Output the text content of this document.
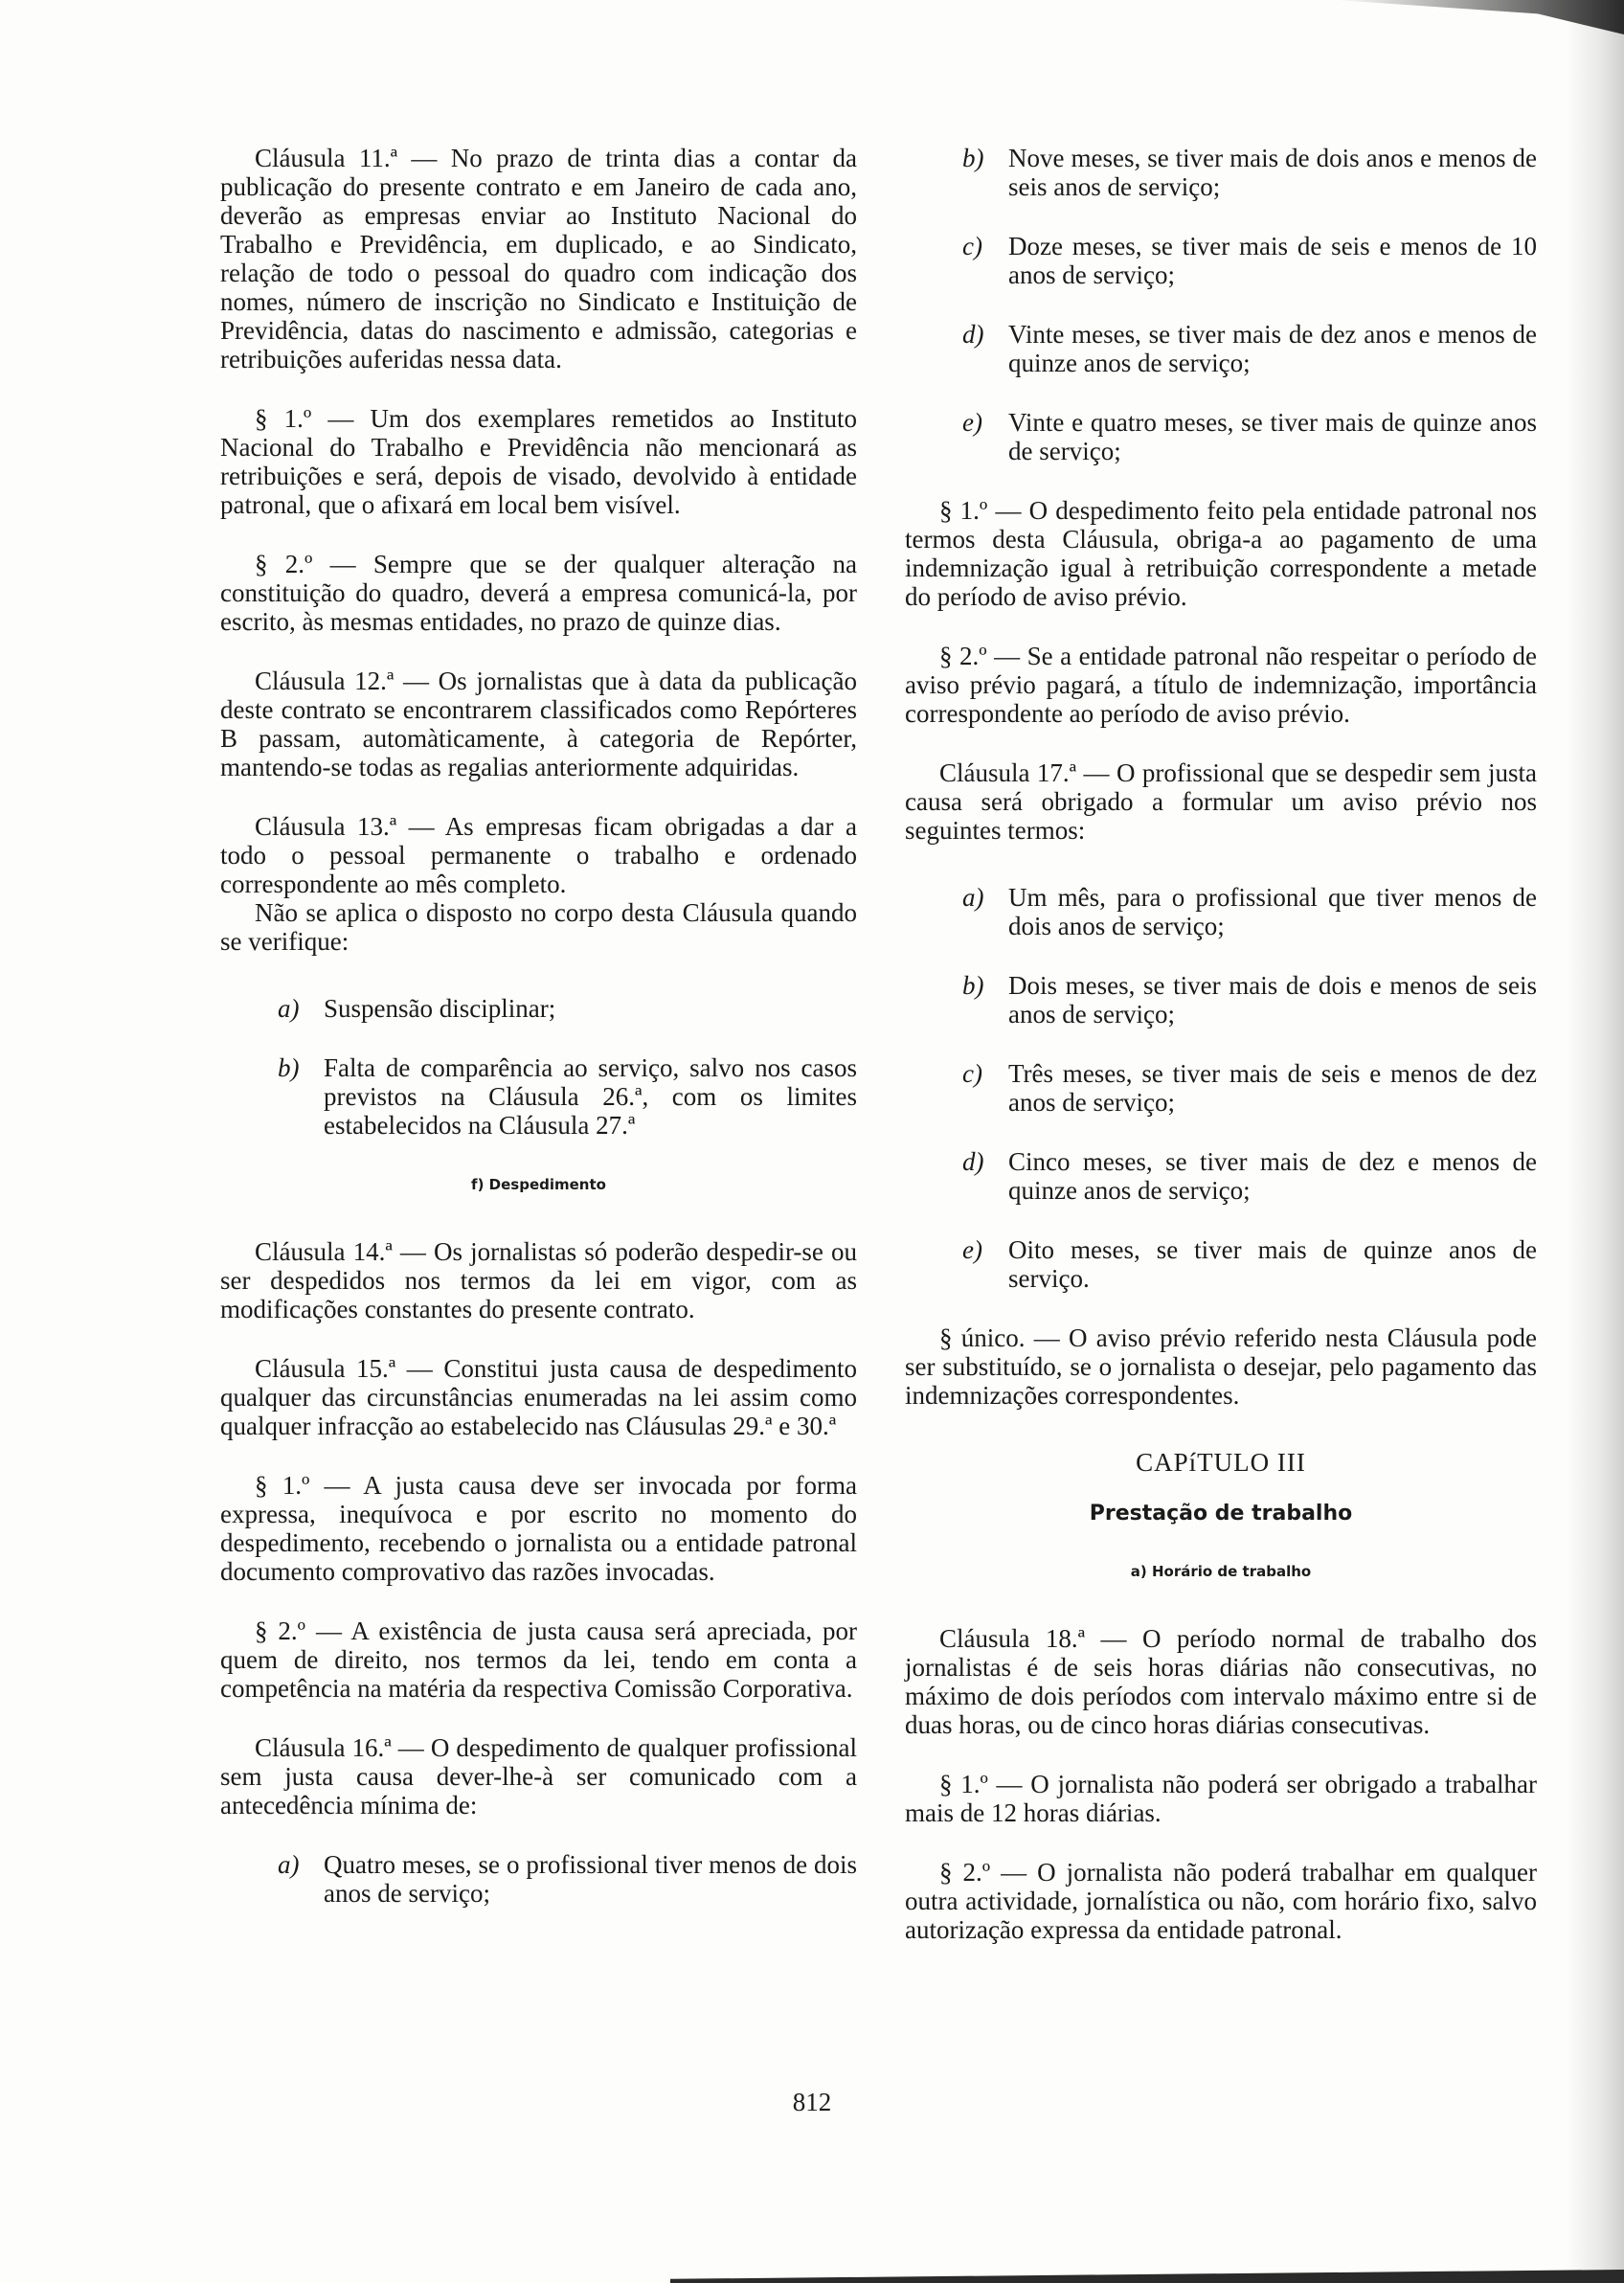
Cláusula 11.ª — No prazo de trinta dias a contar da publicação do presente contrato e em Janeiro de cada ano, deverão as empresas enviar ao Instituto Nacional do Trabalho e Previdência, em duplicado, e ao Sindicato, relação de todo o pessoal do quadro com indicação dos nomes, número de inscrição no Sindicato e Instituição de Previdência, datas do nascimento e admissão, categorias e retribuições auferidas nessa data.

§ 1.º — Um dos exemplares remetidos ao Instituto Nacional do Trabalho e Previdência não mencionará as retribuições e será, depois de visado, devolvido à entidade patronal, que o afixará em local bem visível.

§ 2.º — Sempre que se der qualquer alteração na constituição do quadro, deverá a empresa comunicá-la, por escrito, às mesmas entidades, no prazo de quinze dias.

Cláusula 12.ª — Os jornalistas que à data da publicação deste contrato se encontrarem classificados como Repórteres B passam, automàticamente, à categoria de Repórter, mantendo-se todas as regalias anteriormente adquiridas.

Cláusula 13.ª — As empresas ficam obrigadas a dar a todo o pessoal permanente o trabalho e ordenado correspondente ao mês completo.

Não se aplica o disposto no corpo desta Cláusula quando se verifique:

a) Suspensão disciplinar;
b) Falta de comparência ao serviço, salvo nos casos previstos na Cláusula 26.ª, com os limites estabelecidos na Cláusula 27.ª
f) Despedimento

Cláusula 14.ª — Os jornalistas só poderão despedir-se ou ser despedidos nos termos da lei em vigor, com as modificações constantes do presente contrato.

Cláusula 15.ª — Constitui justa causa de despedimento qualquer das circunstâncias enumeradas na lei assim como qualquer infracção ao estabelecido nas Cláusulas 29.ª e 30.ª

§ 1.º — A justa causa deve ser invocada por forma expressa, inequívoca e por escrito no momento do despedimento, recebendo o jornalista ou a entidade patronal documento comprovativo das razões invocadas.

§ 2.º — A existência de justa causa será apreciada, por quem de direito, nos termos da lei, tendo em conta a competência na matéria da respectiva Comissão Corporativa.

Cláusula 16.ª — O despedimento de qualquer profissional sem justa causa dever-lhe-à ser comunicado com a antecedência mínima de:

a) Quatro meses, se o profissional tiver menos de dois anos de serviço;
b) Nove meses, se tiver mais de dois anos e menos de seis anos de serviço;
c)	Doze meses, se tiver mais de seis e menos de 10 anos de serviço;
d) Vinte meses, se tiver mais de dez anos e menos de quinze anos de serviço;
e)	Vinte e quatro meses, se tiver mais de quinze anos de serviço;

§ 1.º — O despedimento feito pela entidade patronal nos termos desta Cláusula, obriga-a ao pagamento de uma indemnização igual à retribuição correspondente a metade do período de aviso prévio.

§ 2.º — Se a entidade patronal não respeitar o período de aviso prévio pagará, a título de indemnização, importância correspondente ao período de aviso prévio.

Cláusula 17.ª — O profissional que se despedir sem justa causa será obrigado a formular um aviso prévio nos seguintes termos:

a) Um mês, para o profissional que tiver menos de dois anos de serviço;
b) Dois meses, se tiver mais de dois e menos de seis anos de serviço;
c)	Três meses, se tiver mais de seis e menos de dez anos de serviço;
d) Cinco meses, se tiver mais de dez e menos de quinze anos de serviço;
e)	Oito meses, se tiver mais de quinze anos de serviço.

§ único. — O aviso prévio referido nesta Cláusula pode ser substituído, se o jornalista o desejar, pelo pagamento das indemnizações correspondentes.

CAPíTULO III
Prestação de trabalho
a) Horário de trabalho

Cláusula 18.ª — O período normal de trabalho dos jornalistas é de seis horas diárias não consecutivas, no máximo de dois períodos com intervalo máximo entre si de duas horas, ou de cinco horas diárias consecutivas.

§ 1.º — O jornalista não poderá ser obrigado a trabalhar mais de 12 horas diárias.

§ 2.º — O jornalista não poderá trabalhar em qualquer outra actividade, jornalística ou não, com horário fixo, salvo autorização expressa da entidade patronal.

812
